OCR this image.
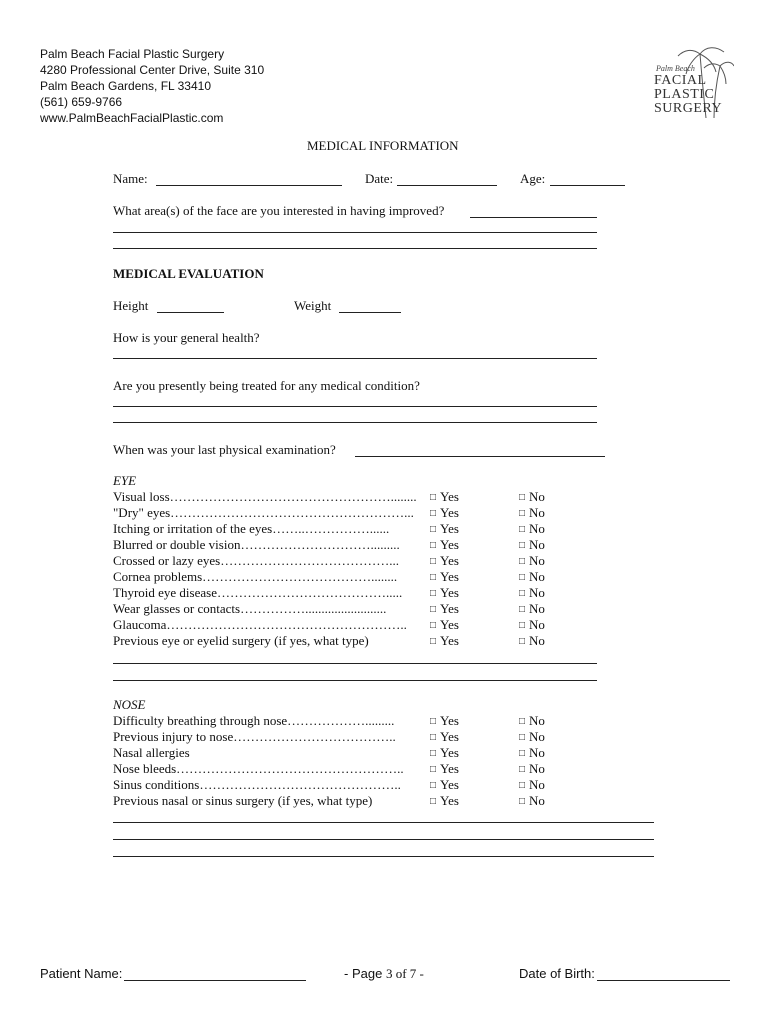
Palm Beach Facial Plastic Surgery
4280 Professional Center Drive, Suite 310
Palm Beach Gardens, FL 33410
(561) 659-9766
www.PalmBeachFacialPlastic.com
Palm Beach
FACIAL
PLASTIC
SURGERY
MEDICAL INFORMATION
Name:	Date:	Age:
What area(s) of the face are you interested in having improved?
MEDICAL EVALUATION
Height	Weight
How is your general health?
Are you presently being treated for any medical condition?
When was your last physical examination?
EYE
Visual loss……………………………………………........ □ Yes	□ No
"Dry" eyes………………………………………………... □ Yes	□ No
Itching or irritation of the eyes……..……………......	□ Yes	□ No
Blurred or double vision………………………….........	□ Yes	□ No
Crossed or lazy eyes…………………………………...	□ Yes	□ No
Cornea problems…………………………………........	□ Yes	□ No
Thyroid eye disease………………………………….....	□ Yes	□ No
Wear glasses or contacts…………….........................	□ Yes	□ No
Glaucoma……………………………………………….. □ Yes	□ No
Previous eye or eyelid surgery (if yes, what type)	□ Yes	□ No
NOSE
Difficulty breathing through nose……………….........	□ Yes	□ No
Previous injury to nose………………………………..	□ Yes	□ No
Nasal allergies	□ Yes	□ No
Nose bleeds……………………………………………..	□ Yes	□ No
Sinus conditions………………………………………..	□ Yes	□ No
Previous nasal or sinus surgery (if yes, what type)	□ Yes	□ No
Patient Name:	- Page 3 of 7 -	Date of Birth:
